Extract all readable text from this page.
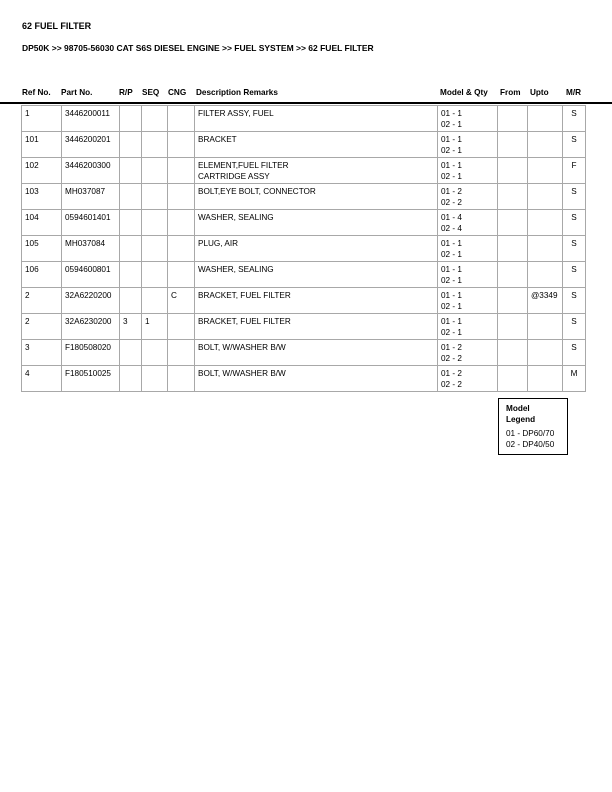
62 FUEL FILTER
DP50K >> 98705-56030 CAT S6S DIESEL ENGINE >> FUEL SYSTEM >> 62 FUEL FILTER
Ref No. Part No.	R/P SEQ CNG Description Remarks	Model & Qty From Upto M/R
1	3446200011				FILTER ASSY, FUEL	01 - 1
02 - 1			S
101	3446200201				BRACKET	01 - 1
02 - 1			S
102	3446200300				ELEMENT,FUEL FILTER
CARTRIDGE ASSY	01 - 1
02 - 1			F
103	MH037087				BOLT,EYE BOLT, CONNECTOR	01 - 2
02 - 2			S
104	0594601401				WASHER, SEALING	01 - 4
02 - 4			S
105	MH037084				PLUG, AIR	01 - 1
02 - 1			S
106	0594600801				WASHER, SEALING	01 - 1
02 - 1			S
2	32A6220200			C	BRACKET, FUEL FILTER	01 - 1
02 - 1		@3349	S
2	32A6230200	3	1		BRACKET, FUEL FILTER	01 - 1
02 - 1			S
3	F180508020				BOLT, W/WASHER B/W	01 - 2
02 - 2			S
4	F180510025				BOLT, W/WASHER B/W	01 - 2
02 - 2			M
Model Legend
01 - DP60/70
02 - DP40/50
